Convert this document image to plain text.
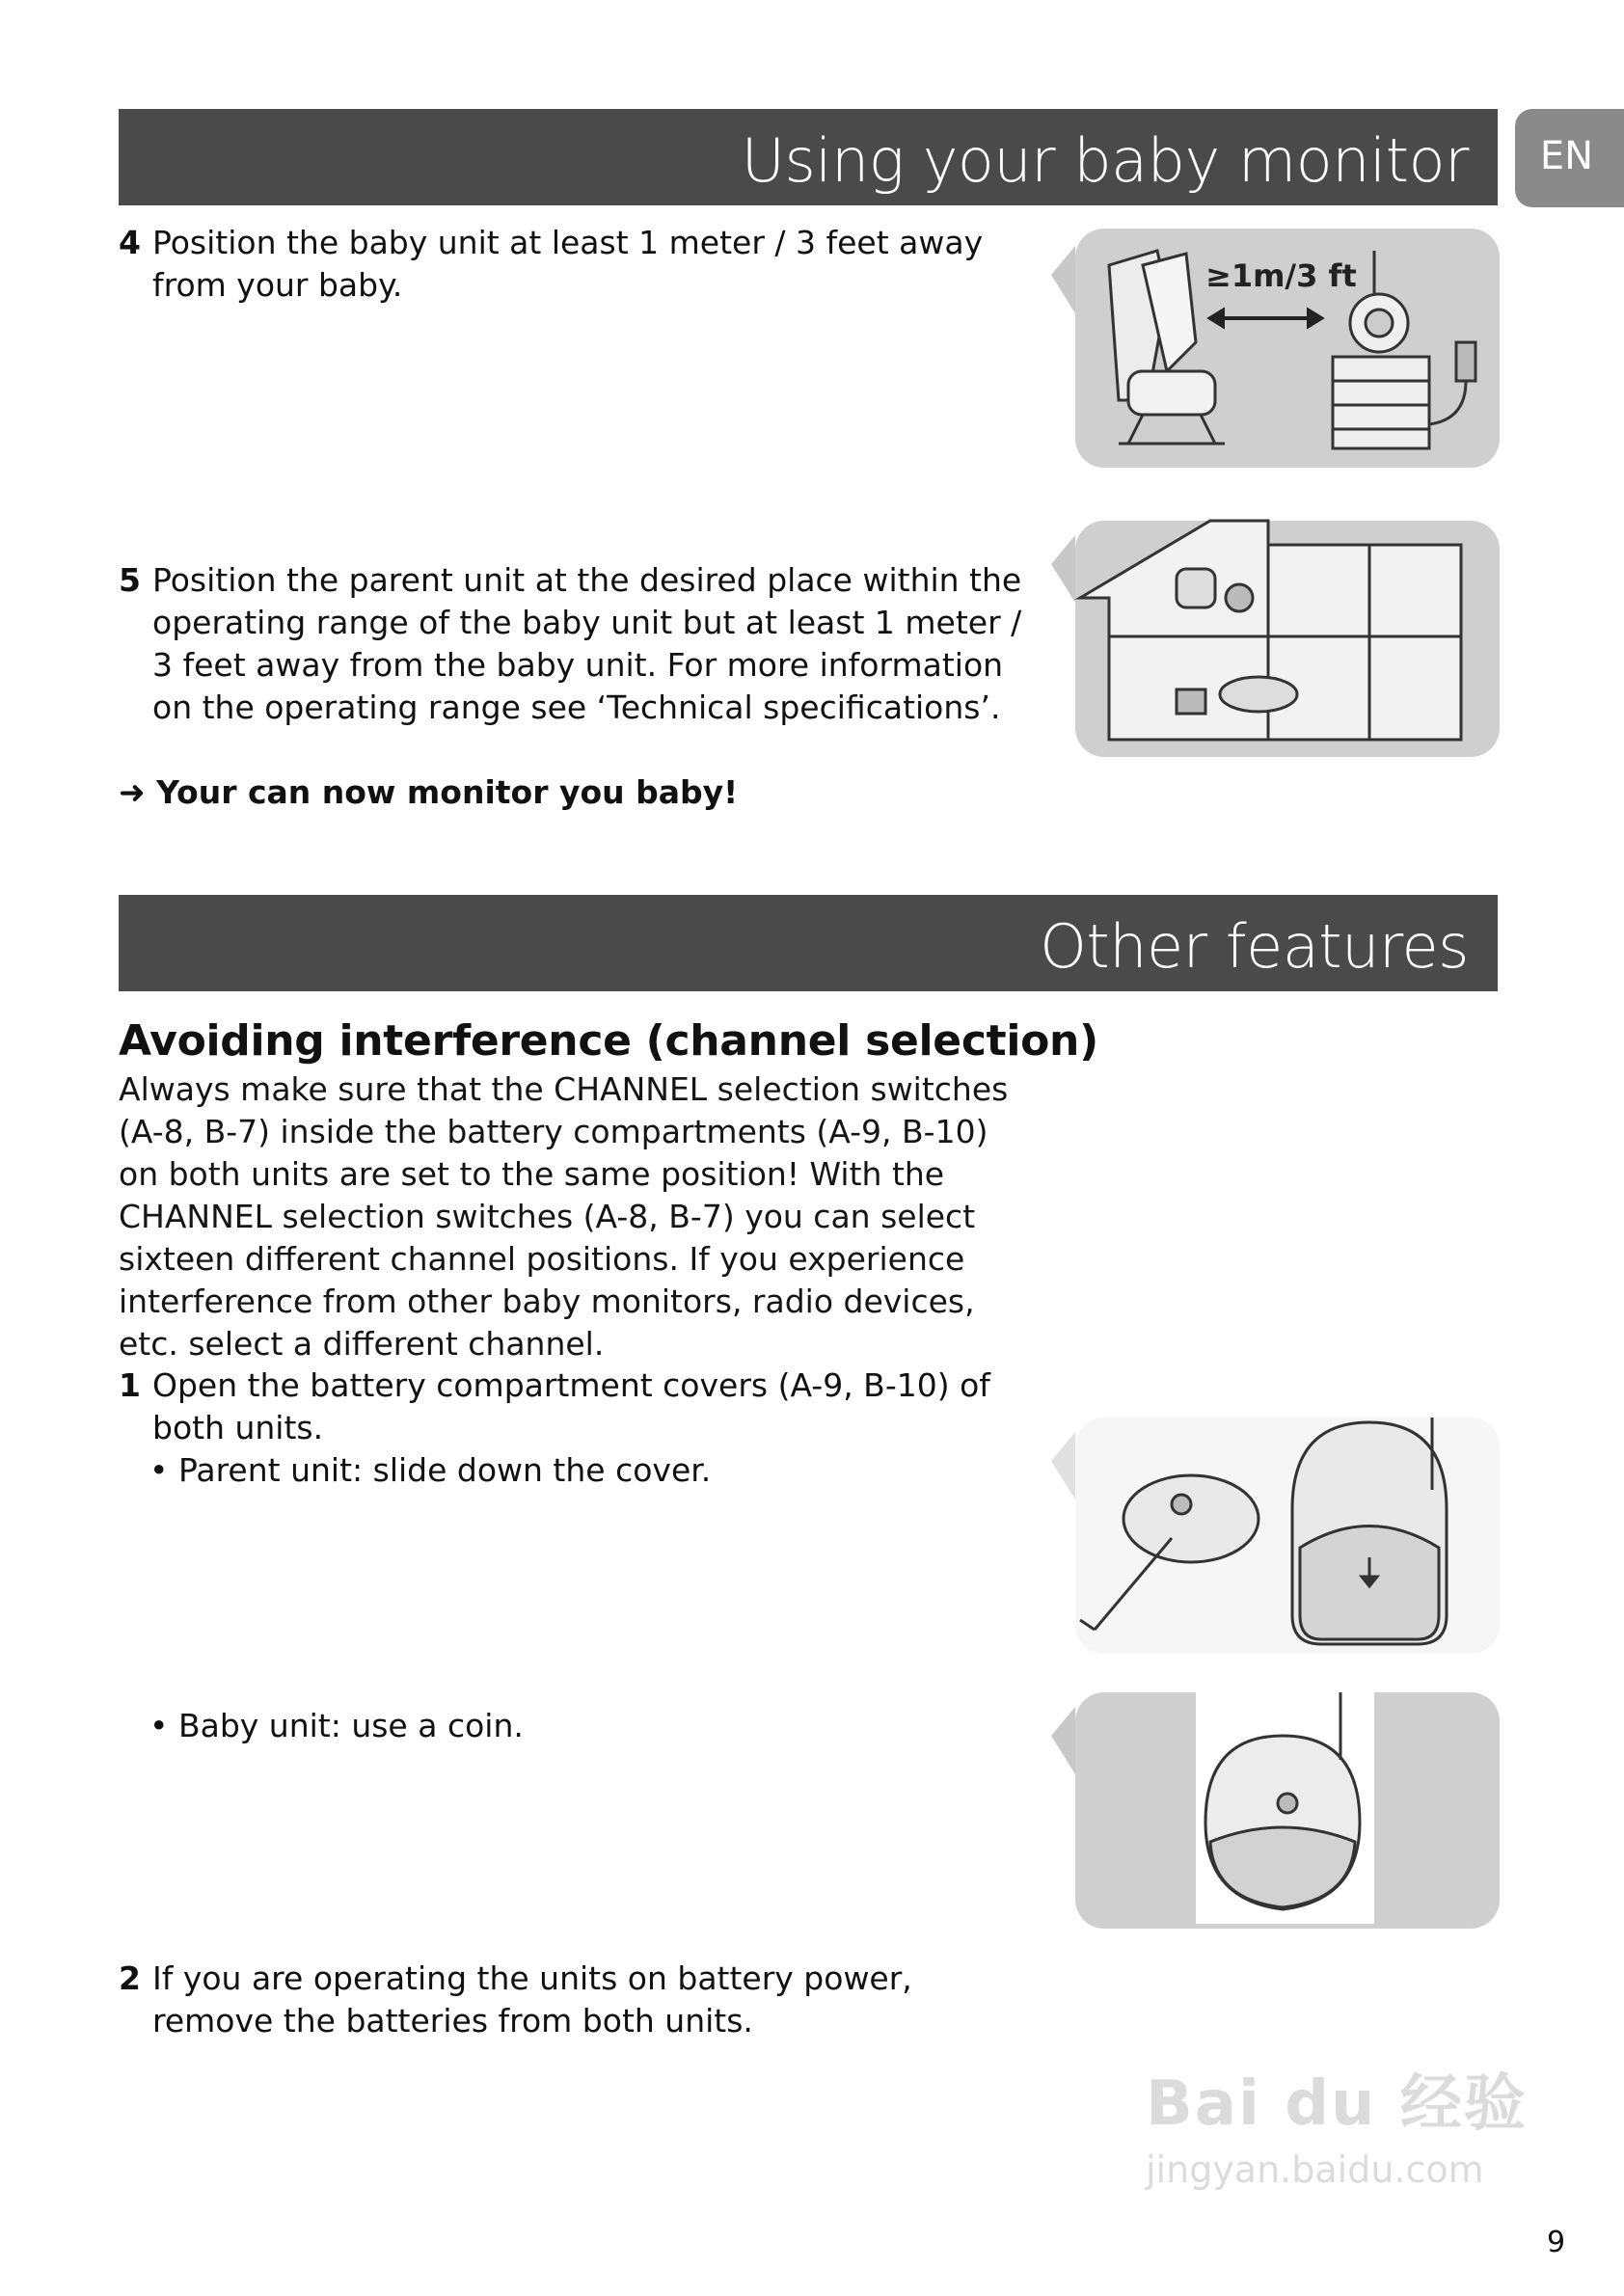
Using your baby monitor	EN
4 Position the baby unit at least 1 meter / 3 feet away from your baby.	≥1m/3 ft
5 Position the parent unit at the desired place within the operating range of the baby unit but at least 1 meter / 3 feet away from the baby unit. For more information on the operating range see ‘Technical specifications’.
➜ Your can now monitor you baby!
Other features
Avoiding interference (channel selection)
Always make sure that the CHANNEL selection switches (A-8, B-7) inside the battery compartments (A-9, B-10) on both units are set to the same position! With the CHANNEL selection switches (A-8, B-7) you can select sixteen different channel positions. If you experience interference from other baby monitors, radio devices, etc. select a different channel.
1 Open the battery compartment covers (A-9, B-10) of both units.
• Parent unit: slide down the cover.
• Baby unit: use a coin.
2 If you are operating the units on battery power, remove the batteries from both units.
Bai du 经验
jingyan.baidu.com
9
